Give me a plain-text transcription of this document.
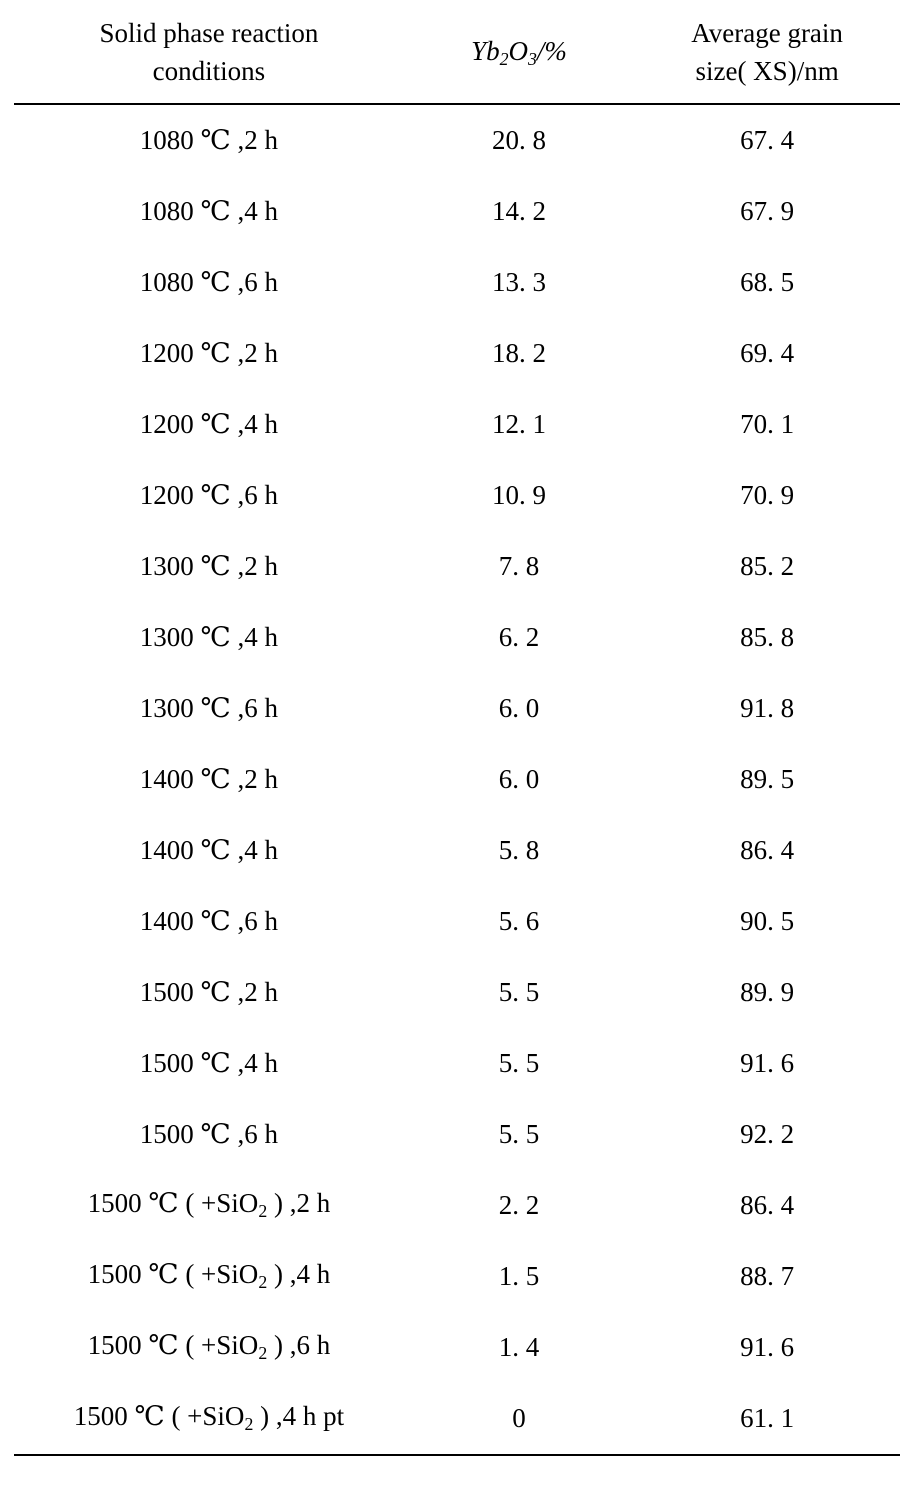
Solid phase reaction
conditions	$Yb_2O_3/\%$	Average grain
size( XS)/nm

1080 ℃ ,2 h	20. 8	67. 4
1080 ℃ ,4 h	14. 2	67. 9
1080 ℃ ,6 h	13. 3	68. 5
1200 ℃ ,2 h	18. 2	69. 4
1200 ℃ ,4 h	12. 1	70. 1
1200 ℃ ,6 h	10. 9	70. 9
1300 ℃ ,2 h	7. 8	85. 2
1300 ℃ ,4 h	6. 2	85. 8
1300 ℃ ,6 h	6. 0	91. 8
1400 ℃ ,2 h	6. 0	89. 5
1400 ℃ ,4 h	5. 8	86. 4
1400 ℃ ,6 h	5. 6	90. 5
1500 ℃ ,2 h	5. 5	89. 9
1500 ℃ ,4 h	5. 5	91. 6
1500 ℃ ,6 h	5. 5	92. 2
1500 ℃ ( +SiO$_2$ ) ,2 h	2. 2	86. 4
1500 ℃ ( +SiO$_2$ ) ,4 h	1. 5	88. 7
1500 ℃ ( +SiO$_2$ ) ,6 h	1. 4	91. 6
1500 ℃ ( +SiO$_2$ ) ,4 h pt	0	61. 1
